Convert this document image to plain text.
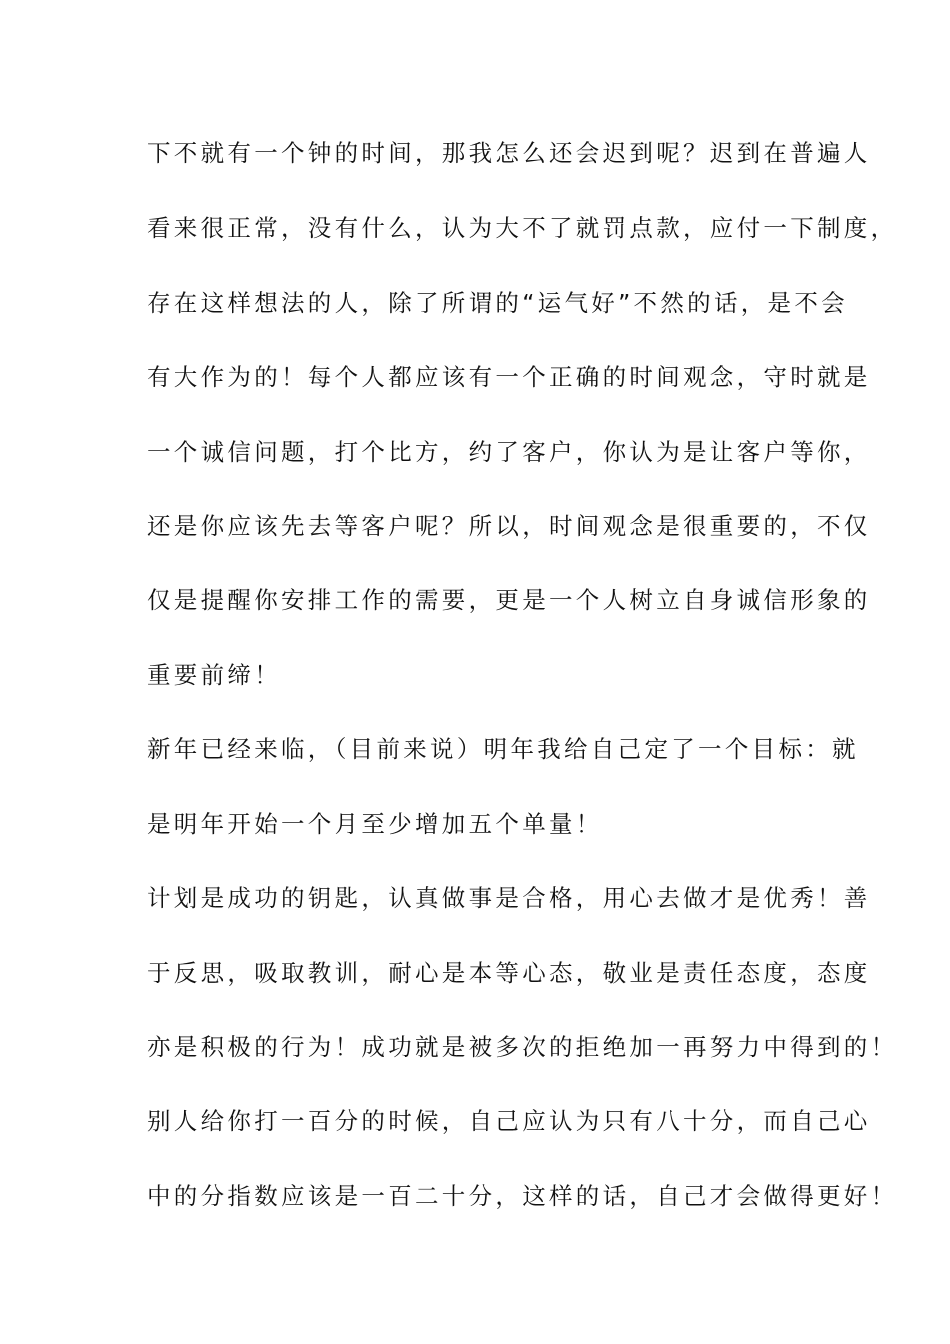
下不就有一个钟的时间，那我怎么还会迟到呢？迟到在普遍人
看来很正常，没有什么，认为大不了就罚点款，应付一下制度，
存在这样想法的人，除了所谓的“运气好”不然的话，是不会
有大作为的！每个人都应该有一个正确的时间观念，守时就是
一个诚信问题，打个比方，约了客户，你认为是让客户等你，
还是你应该先去等客户呢？所以，时间观念是很重要的，不仅
仅是提醒你安排工作的需要，更是一个人树立自身诚信形象的
重要前缔！
新年已经来临，（目前来说）明年我给自己定了一个目标：就
是明年开始一个月至少增加五个单量！
计划是成功的钥匙，认真做事是合格，用心去做才是优秀！善
于反思，吸取教训，耐心是本等心态，敬业是责任态度，态度
亦是积极的行为！成功就是被多次的拒绝加一再努力中得到的！
别人给你打一百分的时候，自己应认为只有八十分，而自己心
中的分指数应该是一百二十分，这样的话，自己才会做得更好！
